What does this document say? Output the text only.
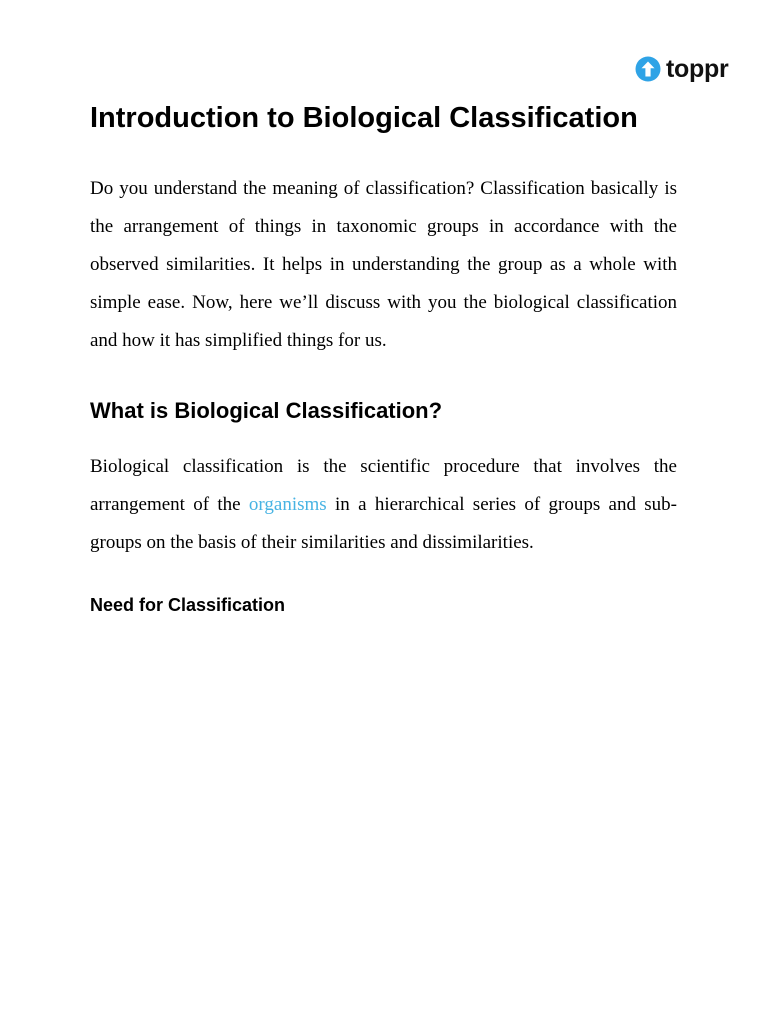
toppr
Introduction to Biological Classification

Do you understand the meaning of classification? Classification basically is the arrangement of things in taxonomic groups in accordance with the observed similarities. It helps in understanding the group as a whole with simple ease. Now, here we’ll discuss with you the biological classification and how it has simplified things for us.

What is Biological Classification?

Biological classification is the scientific procedure that involves the arrangement of the organisms in a hierarchical series of groups and sub-groups on the basis of their similarities and dissimilarities.

Need for Classification
